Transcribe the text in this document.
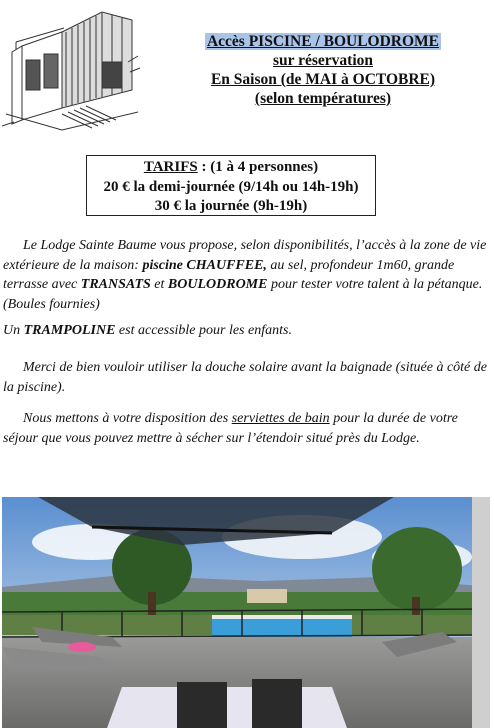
Accès PISCINE / BOULODROME
sur réservation
En Saison (de MAI à OCTOBRE)
(selon températures)
TARIFS : (1 à 4 personnes)
20 € la demi-journée (9/14h ou 14h-19h)
30 € la journée (9h-19h)
Le Lodge Sainte Baume vous propose, selon disponibilités, l’accès à la zone de vie extérieure de la maison: piscine CHAUFFEE, au sel, profondeur 1m60, grande terrasse avec TRANSATS et BOULODROME pour tester votre talent à la pétanque. (Boules fournies)
Un TRAMPOLINE est accessible pour les enfants.
Merci de bien vouloir utiliser la douche solaire avant la baignade (située à côté de la piscine).
Nous mettons à votre disposition des serviettes de bain pour la durée de votre séjour que vous pouvez mettre à sécher sur l’étendoir situé près du Lodge.
